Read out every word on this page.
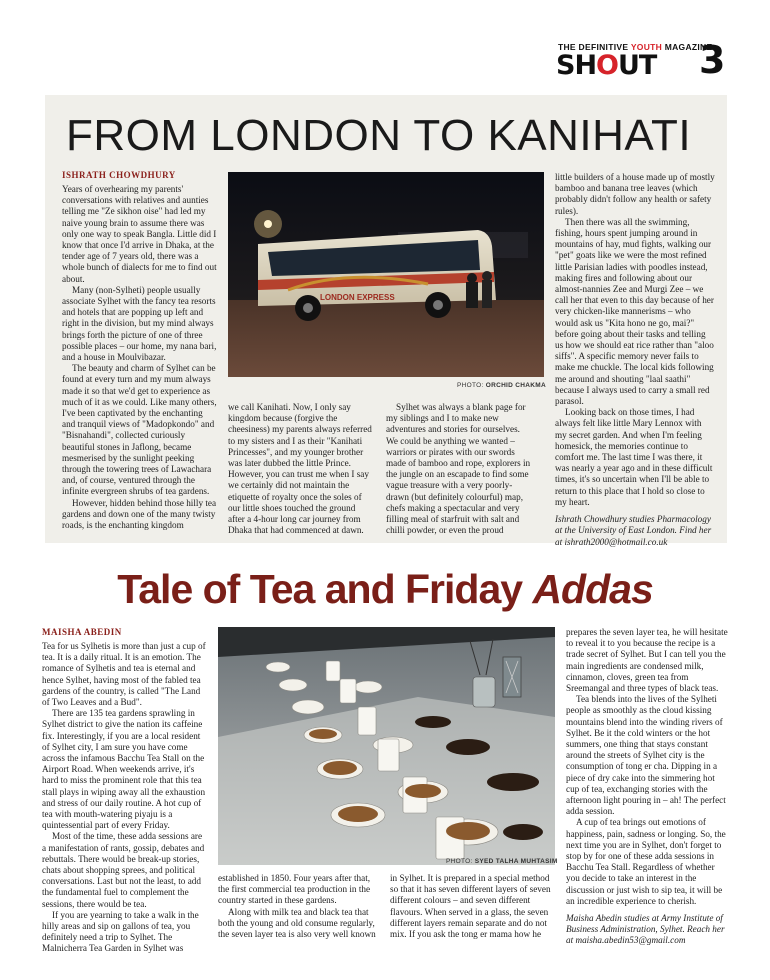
THE DEFINITIVE YOUTH MAGAZINE
SHOUT 3
FROM LONDON TO KANIHATI
ISHRATH CHOWDHURY

Years of overhearing my parents' conversations with relatives and aunties telling me "Ze sikhon oise" had led my naive young brain to assume there was only one way to speak Bangla. Little did I know that once I'd arrive in Dhaka, at the tender age of 7 years old, there was a whole bunch of dialects for me to find out about.

Many (non-Sylheti) people usually associate Sylhet with the fancy tea resorts and hotels that are popping up left and right in the division, but my mind always brings forth the picture of one of three possible places – our home, my nana bari, and a house in Moulvibazar.

The beauty and charm of Sylhet can be found at every turn and my mum always made it so that we'd get to experience as much of it as we could. Like many others, I've been captivated by the enchanting and tranquil views of "Madopkondo" and "Bisnahandi", collected curiously beautiful stones in Jaflong, became mesmerised by the sunlight peeking through the towering trees of Lawachara and, of course, ventured through the infinite evergreen shrubs of tea gardens.

However, hidden behind those hilly tea gardens and down one of the many twisty roads, is the enchanting kingdom

LONDON EXPRESS
PHOTO: ORCHID CHAKMA

we call Kanihati. Now, I only say kingdom because (forgive the cheesiness) my parents always referred to my sisters and I as their "Kanihati Princesses", and my younger brother was later dubbed the little Prince. However, you can trust me when I say we certainly did not maintain the etiquette of royalty once the soles of our little shoes touched the ground after a 4-hour long car journey from Dhaka that had commenced at dawn.

Sylhet was always a blank page for my siblings and I to make new adventures and stories for ourselves. We could be anything we wanted – warriors or pirates with our swords made of bamboo and rope, explorers in the jungle on an escapade to find some vague treasure with a very poorly-drawn (but definitely colourful) map, chefs making a spectacular and very filling meal of starfruit with salt and chilli powder, or even the proud

little builders of a house made up of mostly bamboo and banana tree leaves (which probably didn't follow any health or safety rules).

Then there was all the swimming, fishing, hours spent jumping around in mountains of hay, mud fights, walking our "pet" goats like we were the most refined little Parisian ladies with poodles instead, making fires and following about our almost-nannies Zee and Murgi Zee – we call her that even to this day because of her very chicken-like mannerisms – who would ask us "Kita hono ne go, mai?" before going about their tasks and telling us how we should eat rice rather than "aloo siffs". A specific memory never fails to make me chuckle. The local kids following me around and shouting "laal saathi" because I always used to carry a small red parasol.

Looking back on those times, I had always felt like little Mary Lennox with my secret garden. And when I'm feeling homesick, the memories continue to comfort me. The last time I was there, it was nearly a year ago and in these difficult times, it's so uncertain when I'll be able to return to this place that I hold so close to my heart.

Ishrath Chowdhury studies Pharmacology at the University of East London. Find her at ishrath2000@hotmail.co.uk

Tale of Tea and Friday Addas
MAISHA ABEDIN

Tea for us Sylhetis is more than just a cup of tea. It is a daily ritual. It is an emotion. The romance of Sylhetis and tea is eternal and hence Sylhet, having most of the fabled tea gardens of the country, is called "The Land of Two Leaves and a Bud".

There are 135 tea gardens sprawling in Sylhet district to give the nation its caffeine fix. Interestingly, if you are a local resident of Sylhet city, I am sure you have come across the infamous Bacchu Tea Stall on the Airport Road. When weekends arrive, it's hard to miss the prominent role that this tea stall plays in wiping away all the exhaustion and stress of our daily routine. A hot cup of tea with mouth-watering piyaju is a quintessential part of every Friday.

Most of the time, these adda sessions are a manifestation of rants, gossip, debates and rebuttals. There would be break-up stories, chats about shopping sprees, and political conversations. Last but not the least, to add the fundamental fuel to complement the sessions, there would be tea.

If you are yearning to take a walk in the hilly areas and sip on gallons of tea, you definitely need a trip to Sylhet. The Malnicherra Tea Garden in Sylhet was

PHOTO: SYED TALHA MUHTASIM

established in 1850. Four years after that, the first commercial tea production in the country started in these gardens.

Along with milk tea and black tea that both the young and old consume regularly, the seven layer tea is also very well known

in Sylhet. It is prepared in a special method so that it has seven different layers of seven different colours – and seven different flavours. When served in a glass, the seven different layers remain separate and do not mix. If you ask the tong er mama how he

prepares the seven layer tea, he will hesitate to reveal it to you because the recipe is a trade secret of Sylhet. But I can tell you the main ingredients are condensed milk, cinnamon, cloves, green tea from Sreemangal and three types of black teas.

Tea blends into the lives of the Sylheti people as smoothly as the cloud kissing mountains blend into the winding rivers of Sylhet. Be it the cold winters or the hot summers, one thing that stays constant around the streets of Sylhet city is the consumption of tong er cha. Dipping in a piece of dry cake into the simmering hot cup of tea, exchanging stories with the afternoon light pouring in – ah! The perfect adda session.

A cup of tea brings out emotions of happiness, pain, sadness or longing. So, the next time you are in Sylhet, don't forget to stop by for one of these adda sessions in Bacchu Tea Stall. Regardless of whether you decide to take an interest in the discussion or just wish to sip tea, it will be an incredible experience to cherish.

Maisha Abedin studies at Army Institute of Business Administration, Sylhet. Reach her at maisha.abedin53@gmail.com
